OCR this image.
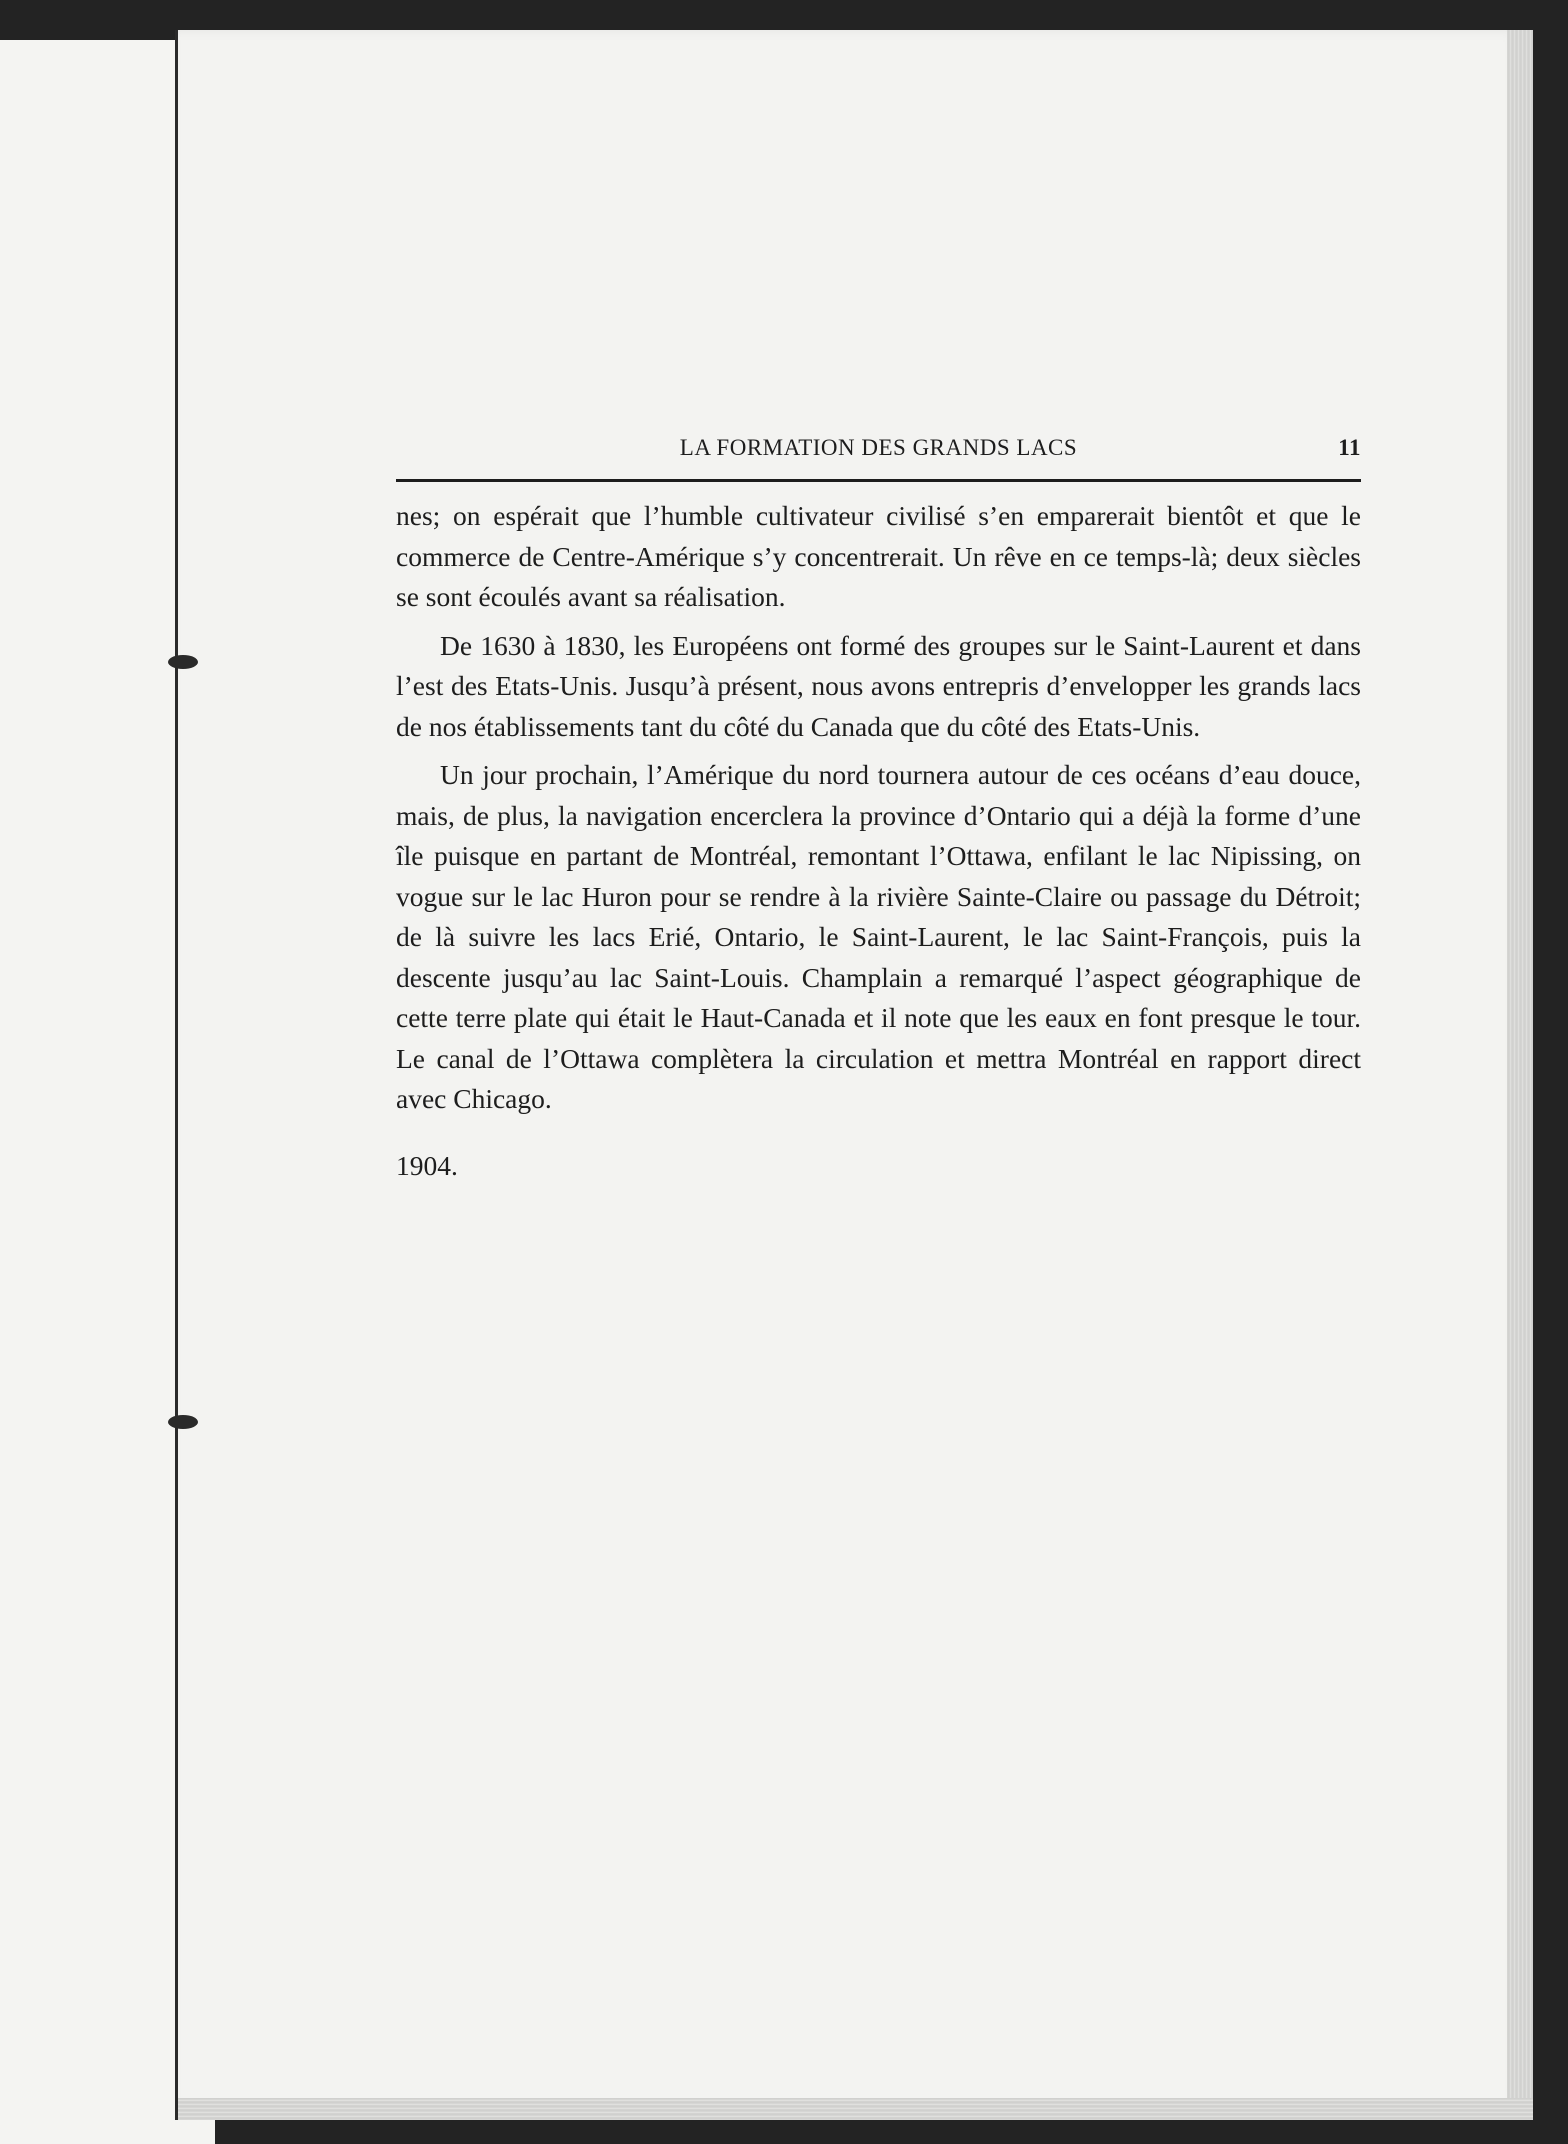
LA FORMATION DES GRANDS LACS	11

nes; on espérait que l’humble cultivateur civilisé s’en emparerait bientôt et que le commerce de Centre-Amérique s’y concentrerait. Un rêve en ce temps-là; deux siècles se sont écoulés avant sa réalisation.

De 1630 à 1830, les Européens ont formé des groupes sur le Saint-Laurent et dans l’est des Etats-Unis. Jusqu’à présent, nous avons entrepris d’envelopper les grands lacs de nos établissements tant du côté du Canada que du côté des Etats-Unis.

Un jour prochain, l’Amérique du nord tournera autour de ces océans d’eau douce, mais, de plus, la navigation encerclera la province d’Ontario qui a déjà la forme d’une île puisque en partant de Montréal, remontant l’Ottawa, enfilant le lac Nipissing, on vogue sur le lac Huron pour se rendre à la rivière Sainte-Claire ou passage du Détroit; de là suivre les lacs Erié, Ontario, le Saint-Laurent, le lac Saint-François, puis la descente jusqu’au lac Saint-Louis. Champlain a remarqué l’aspect géographique de cette terre plate qui était le Haut-Canada et il note que les eaux en font presque le tour. Le canal de l’Ottawa complètera la circulation et mettra Montréal en rapport direct avec Chicago.

1904.
